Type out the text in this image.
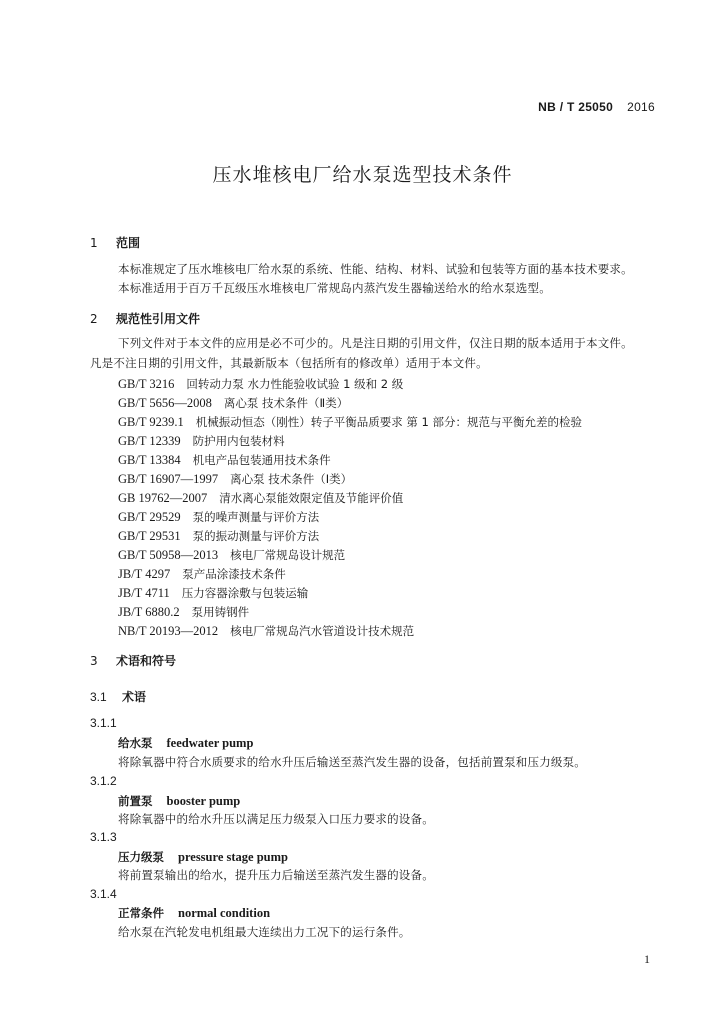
NB / T 25050 2016
压水堆核电厂给水泵选型技术条件
1 范围
本标准规定了压水堆核电厂给水泵的系统、性能、结构、材料、试验和包装等方面的基本技术要求。
本标准适用于百万千瓦级压水堆核电厂常规岛内蒸汽发生器输送给水的给水泵选型。
2 规范性引用文件
下列文件对于本文件的应用是必不可少的。凡是注日期的引用文件，仅注日期的版本适用于本文件。
凡是不注日期的引用文件，其最新版本（包括所有的修改单）适用于本文件。
GB/T 3216 回转动力泵 水力性能验收试验 1 级和 2 级
GB/T 5656—2008 离心泵 技术条件（Ⅱ类）
GB/T 9239.1 机械振动恒态（刚性）转子平衡品质要求 第 1 部分：规范与平衡允差的检验
GB/T 12339 防护用内包装材料
GB/T 13384 机电产品包装通用技术条件
GB/T 16907—1997 离心泵 技术条件（Ⅰ类）
GB 19762—2007 清水离心泵能效限定值及节能评价值
GB/T 29529 泵的噪声测量与评价方法
GB/T 29531 泵的振动测量与评价方法
GB/T 50958—2013 核电厂常规岛设计规范
JB/T 4297 泵产品涂漆技术条件
JB/T 4711 压力容器涂敷与包装运输
JB/T 6880.2 泵用铸钢件
NB/T 20193—2012 核电厂常规岛汽水管道设计技术规范
3 术语和符号
3.1 术语
3.1.1
给水泵 feedwater pump
将除氧器中符合水质要求的给水升压后输送至蒸汽发生器的设备，包括前置泵和压力级泵。
3.1.2
前置泵 booster pump
将除氧器中的给水升压以满足压力级泵入口压力要求的设备。
3.1.3
压力级泵 pressure stage pump
将前置泵输出的给水，提升压力后输送至蒸汽发生器的设备。
3.1.4
正常条件 normal condition
给水泵在汽轮发电机组最大连续出力工况下的运行条件。
1
